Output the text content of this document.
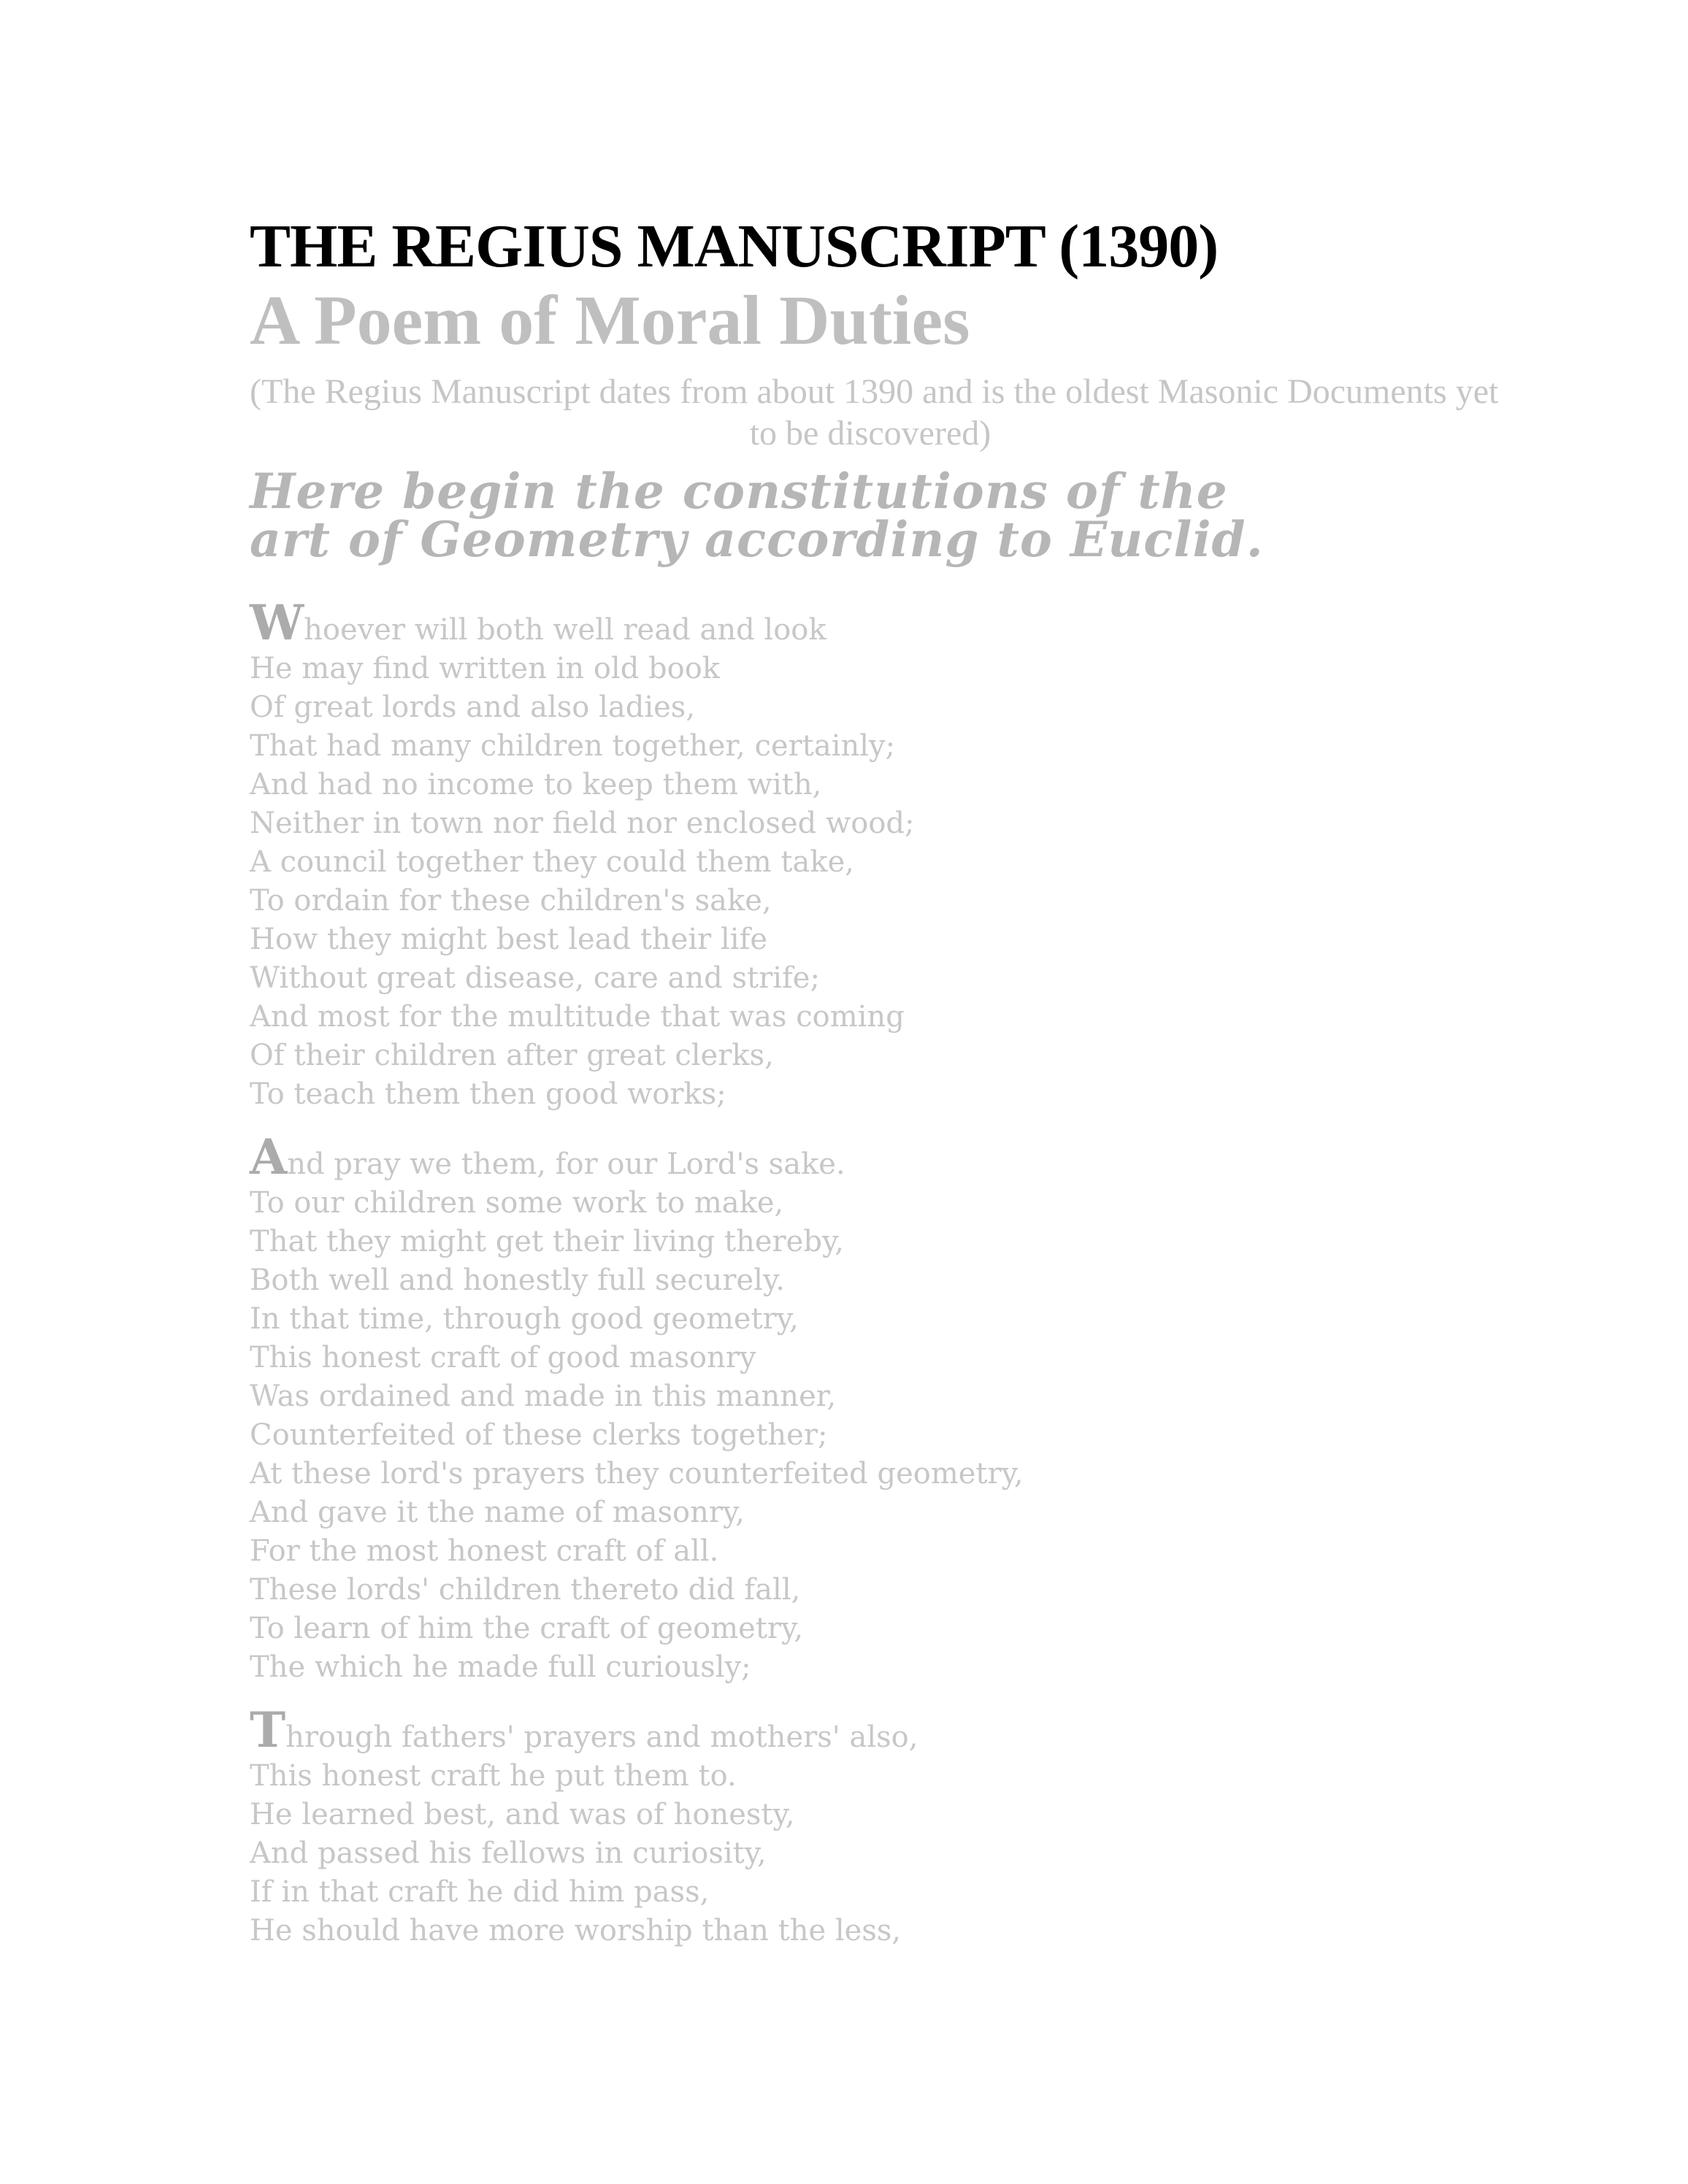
THE REGIUS MANUSCRIPT (1390)
A Poem of Moral Duties
(The Regius Manuscript dates from about 1390 and is the oldest Masonic Documents yet
to be discovered)
Here begin the constitutions of the
art of Geometry according to Euclid.
Whoever will both well read and look
He may find written in old book
Of great lords and also ladies,
That had many children together, certainly;
And had no income to keep them with,
Neither in town nor field nor enclosed wood;
A council together they could them take,
To ordain for these children's sake,
How they might best lead their life
Without great disease, care and strife;
And most for the multitude that was coming
Of their children after great clerks,
To teach them then good works;
And pray we them, for our Lord's sake.
To our children some work to make,
That they might get their living thereby,
Both well and honestly full securely.
In that time, through good geometry,
This honest craft of good masonry
Was ordained and made in this manner,
Counterfeited of these clerks together;
At these lord's prayers they counterfeited geometry,
And gave it the name of masonry,
For the most honest craft of all.
These lords' children thereto did fall,
To learn of him the craft of geometry,
The which he made full curiously;
Through fathers' prayers and mothers' also,
This honest craft he put them to.
He learned best, and was of honesty,
And passed his fellows in curiosity,
If in that craft he did him pass,
He should have more worship than the less,
